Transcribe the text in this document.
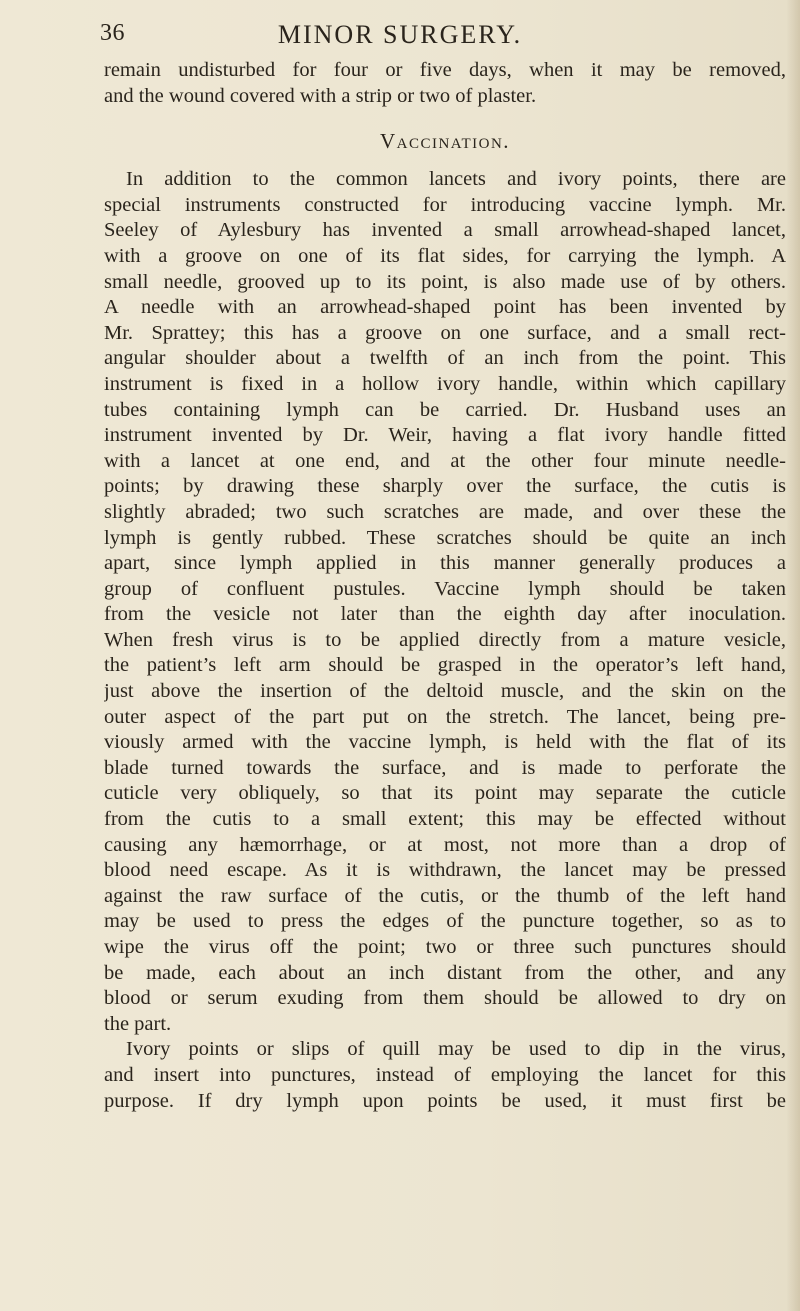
36	MINOR SURGERY.
remain undisturbed for four or five days, when it may be removed,
and the wound covered with a strip or two of plaster.
Vaccination.
In addition to the common lancets and ivory points, there are
special instruments constructed for introducing vaccine lymph. Mr.
Seeley of Aylesbury has invented a small arrowhead-shaped lancet,
with a groove on one of its flat sides, for carrying the lymph. A
small needle, grooved up to its point, is also made use of by others.
A needle with an arrowhead-shaped point has been invented by
Mr. Sprattey; this has a groove on one surface, and a small rect-
angular shoulder about a twelfth of an inch from the point. This
instrument is fixed in a hollow ivory handle, within which capillary
tubes containing lymph can be carried. Dr. Husband uses an
instrument invented by Dr. Weir, having a flat ivory handle fitted
with a lancet at one end, and at the other four minute needle-
points; by drawing these sharply over the surface, the cutis is
slightly abraded; two such scratches are made, and over these the
lymph is gently rubbed. These scratches should be quite an inch
apart, since lymph applied in this manner generally produces a
group of confluent pustules. Vaccine lymph should be taken
from the vesicle not later than the eighth day after inoculation.
When fresh virus is to be applied directly from a mature vesicle,
the patient’s left arm should be grasped in the operator’s left hand,
just above the insertion of the deltoid muscle, and the skin on the
outer aspect of the part put on the stretch. The lancet, being pre-
viously armed with the vaccine lymph, is held with the flat of its
blade turned towards the surface, and is made to perforate the
cuticle very obliquely, so that its point may separate the cuticle
from the cutis to a small extent; this may be effected without
causing any hæmorrhage, or at most, not more than a drop of
blood need escape. As it is withdrawn, the lancet may be pressed
against the raw surface of the cutis, or the thumb of the left hand
may be used to press the edges of the puncture together, so as to
wipe the virus off the point; two or three such punctures should
be made, each about an inch distant from the other, and any
blood or serum exuding from them should be allowed to dry on
the part.
Ivory points or slips of quill may be used to dip in the virus,
and insert into punctures, instead of employing the lancet for this
purpose. If dry lymph upon points be used, it must first be
